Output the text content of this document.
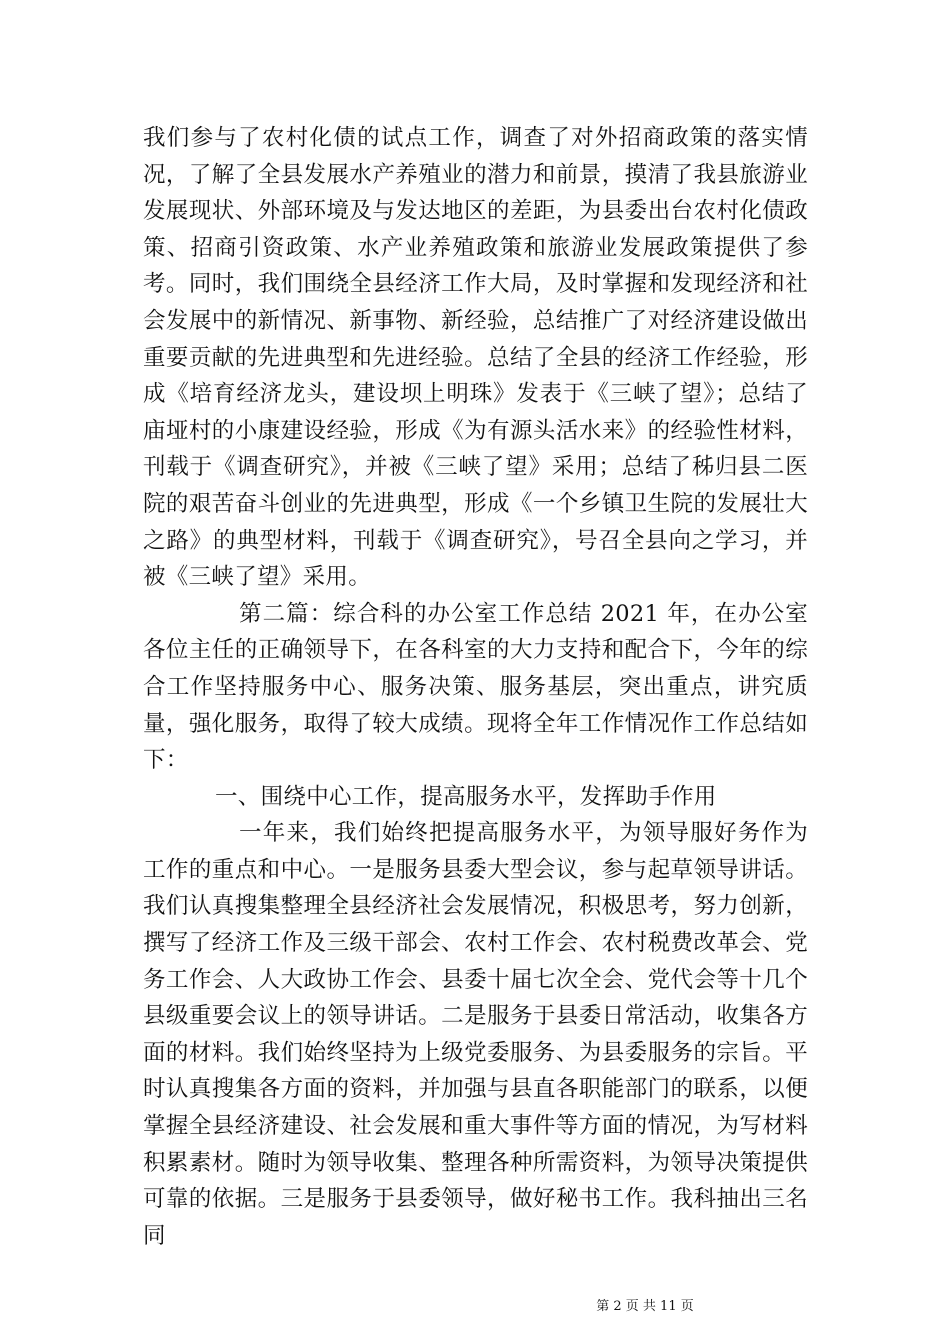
我们参与了农村化债的试点工作，调查了对外招商政策的落实情况，了解了全县发展水产养殖业的潜力和前景，摸清了我县旅游业发展现状、外部环境及与发达地区的差距，为县委出台农村化债政策、招商引资政策、水产业养殖政策和旅游业发展政策提供了参考。同时，我们围绕全县经济工作大局，及时掌握和发现经济和社会发展中的新情况、新事物、新经验，总结推广了对经济建设做出重要贡献的先进典型和先进经验。总结了全县的经济工作经验，形成《培育经济龙头，建设坝上明珠》发表于《三峡了望》；总结了庙垭村的小康建设经验，形成《为有源头活水来》的经验性材料，刊载于《调查研究》，并被《三峡了望》采用；总结了秭归县二医院的艰苦奋斗创业的先进典型，形成《一个乡镇卫生院的发展壮大之路》的典型材料，刊载于《调查研究》，号召全县向之学习，并被《三峡了望》采用。

第二篇：综合科的办公室工作总结 2021 年，在办公室各位主任的正确领导下，在各科室的大力支持和配合下，今年的综合工作坚持服务中心、服务决策、服务基层，突出重点，讲究质量，强化服务，取得了较大成绩。现将全年工作情况作工作总结如下：

一、围绕中心工作，提高服务水平，发挥助手作用

一年来，我们始终把提高服务水平，为领导服好务作为工作的重点和中心。一是服务县委大型会议，参与起草领导讲话。我们认真搜集整理全县经济社会发展情况，积极思考，努力创新，撰写了经济工作及三级干部会、农村工作会、农村税费改革会、党务工作会、人大政协工作会、县委十届七次全会、党代会等十几个县级重要会议上的领导讲话。二是服务于县委日常活动，收集各方面的材料。我们始终坚持为上级党委服务、为县委服务的宗旨。平时认真搜集各方面的资料，并加强与县直各职能部门的联系，以便掌握全县经济建设、社会发展和重大事件等方面的情况，为写材料积累素材。随时为领导收集、整理各种所需资料，为领导决策提供可靠的依据。三是服务于县委领导，做好秘书工作。我科抽出三名同

第 2 页 共 11 页
